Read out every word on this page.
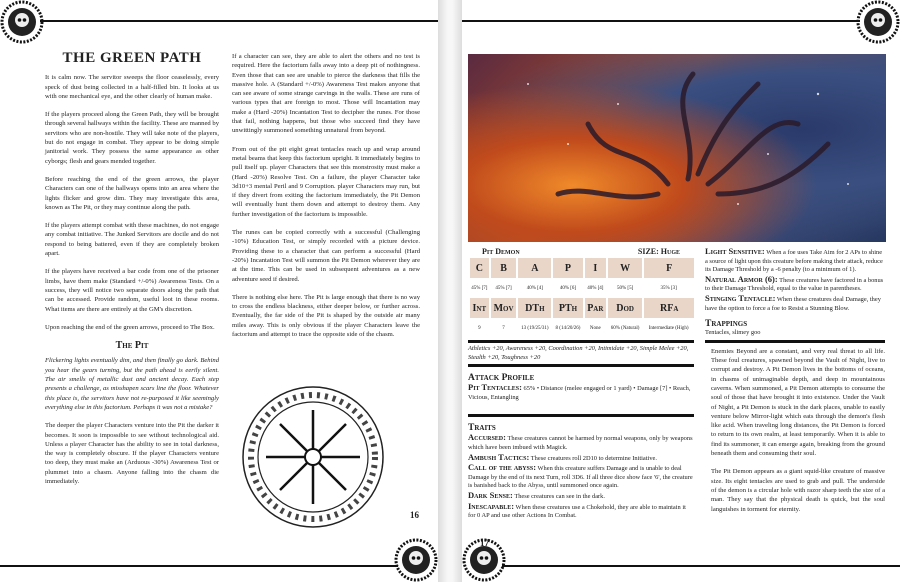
THE GREEN PATH

It is calm now. The servitor sweeps the floor ceaselessly, every speck of dust being collected in a half-filled bin. It looks at us with one mechanical eye, and the other clearly of human make.

If the players proceed along the Green Path, they will be brought through several hallways within the facility. These are manned by servitors who are non-hostile. They will take note of the players, but do not engage in combat. They appear to be doing simple janitorial work. They possess the same appearance as other cyborgs; flesh and gears mended together.

Before reaching the end of the green arrows, the player Characters can one of the hallways opens into an area where the lights flicker and grow dim. They may investigate this area, known as The Pit, or they may continue along the path.

If the players attempt combat with these machines, do not engage any combat initiative. The Junked Servitors are docile and do not respond to being battered, even if they are completely broken apart.

If the players have received a bar code from one of the prisoner limbs, have them make (Standard +/-0%) Awareness Tests. On a success, they will notice two separate doors along the path that can be accessed. Provide random, useful loot in these rooms. What items are there are entirely at the GM's discretion.

Upon reaching the end of the green arrows, proceed to The Box.

The Pit

Flickering lights eventually dim, and then finally go dark. Behind you hear the gears turning, but the path ahead is eerily silent. The air smells of metallic dust and ancient decay. Each step presents a challenge, as misshapen scars line the floor. Whatever this place is, the servitors have not re-purposed it like seemingly everything else in this factorium. Perhaps it was not a mistake?

The deeper the player Characters venture into the Pit the darker it becomes. It soon is impossible to see without technological aid. Unless a player Character has the ability to see in total darkness, the way is completely obscure. If the player Characters venture too deep, they must make an (Arduous -30%) Awareness Test or plummet into a chasm. Anyone falling into the chasm die immediately.

If a character can see, they are able to alert the others and no test is required. Here the factorium falls away into a deep pit of nothingness. Even those that can see are unable to pierce the darkness that fills the massive hole. A (Standard +/-0%) Awareness Test makes anyone that can see aware of some strange carvings in the walls. These are runs of various types that are foreign to most. Those will Incantation may make a (Hard -20%) Incantation Test to decipher the runes. For those that fail, nothing happens, but those who succeed find they have unwittingly summoned something unnatural from beyond.

From out of the pit eight great tentacles reach up and wrap around metal beams that keep this factorium upright. It immediately begins to pull itself up. player Characters that see this monstrosity must make a (Hard -20%) Resolve Test. On a failure, the player Character take 3d10+3 mental Peril and 9 Corruption. player Characters may run, but if they divert from exiting the factorium immediately, the Pit Demon will eventually hunt them down and attempt to destroy them. Any further investigation of the factorium is impossible.

The runes can be copied correctly with a successful (Challenging -10%) Education Test, or simply recorded with a picture device. Providing these to a character that can perform a successful (Hard -20%) Incantation Test will summon the Pit Demon wherever they are at the time. This can be used in subsequent adventures as a new adventure seed if desired.

There is nothing else here. The Pit is large enough that there is no way to cross the endless blackness, either deeper below, or further across. Eventually, the far side of the Pit is shaped by the outside air many miles away. This is only obvious if the player Characters leave the factorium and attempt to trace the opposite side of the chasm.

16
Pit Demon	SIZE: Huge
C	B	A	P	I	W	F
45% [7]	45% [7]	40% [4]	40% [6]	40% [4]	50% [5]	35% [3]
Int	Mov	DTh	PTh	Par	Dod	RFa
9	7	13 (19/25/31)	8 (14/20/26)	None	60% (Natural)	Intermediate (High)
Athletics +20, Awareness +20, Coordination +20, Intimidate +20, Simple Melee +20, Stealth +20, Toughness +20
Attack Profile
Pit Tentacles: 65% • Distance (melee engaged or 1 yard) • Damage [7] • Reach, Vicious, Entangling
Traits
Accursed: These creatures cannot be harmed by normal weapons, only by weapons which have been imbued with Magick.
Ambush Tactics: These creatures roll 2D10 to determine Initiative.
Call of the abyss: When this creature suffers Damage and is unable to deal Damage by the end of its next Turn, roll 3D6. If all three dice show face '6', the creature is banished back to the Abyss, until summoned once again.
Dark Sense: These creatures can see in the dark.
Inescapable: When these creatures use a Chokehold, they are able to maintain it for 0 AP and use other Actions In Combat.
Light Sensitive: When a foe uses Take Aim for 2 APs to shine a source of light upon this creature before making their attack, reduce its Damage Threshold by a -6 penalty (to a minimum of 1).
Natural Armor (6): These creatures have factored in a bonus to their Damage Threshold, equal to the value in parentheses.
Stinging Tentacle: When these creatures deal Damage, they have the option to force a foe to Resist a Stunning Blow.
Trappings
Tentacles, slimey goo

Enemies Beyond are a constant, and very real threat to all life. These foul creatures, spawned beyond the Vault of Night, live to corrupt and destroy. A Pit Demon lives in the bottoms of oceans, in chasms of unimaginable depth, and deep in mountainous caverns. When summoned, a Pit Demon attempts to consume the soul of those that have brought it into existence. Under the Vault of Night, a Pit Demon is stuck in the dark places, unable to easily venture below Mirror-light which eats through the demon's flesh like acid. When traveling long distances, the Pit Demon is forced to return to its own realm, at least temporarily. When it is able to find its summoner, it can emerge again, breaking from the ground beneath them and consuming their soul.

The Pit Demon appears as a giant squid-like creature of massive size. Its eight tentacles are used to grab and pull. The underside of the demon is a circular hole with razor sharp teeth the size of a man. They say that the physical death is quick, but the soul languishes in torment for eternity.

17
